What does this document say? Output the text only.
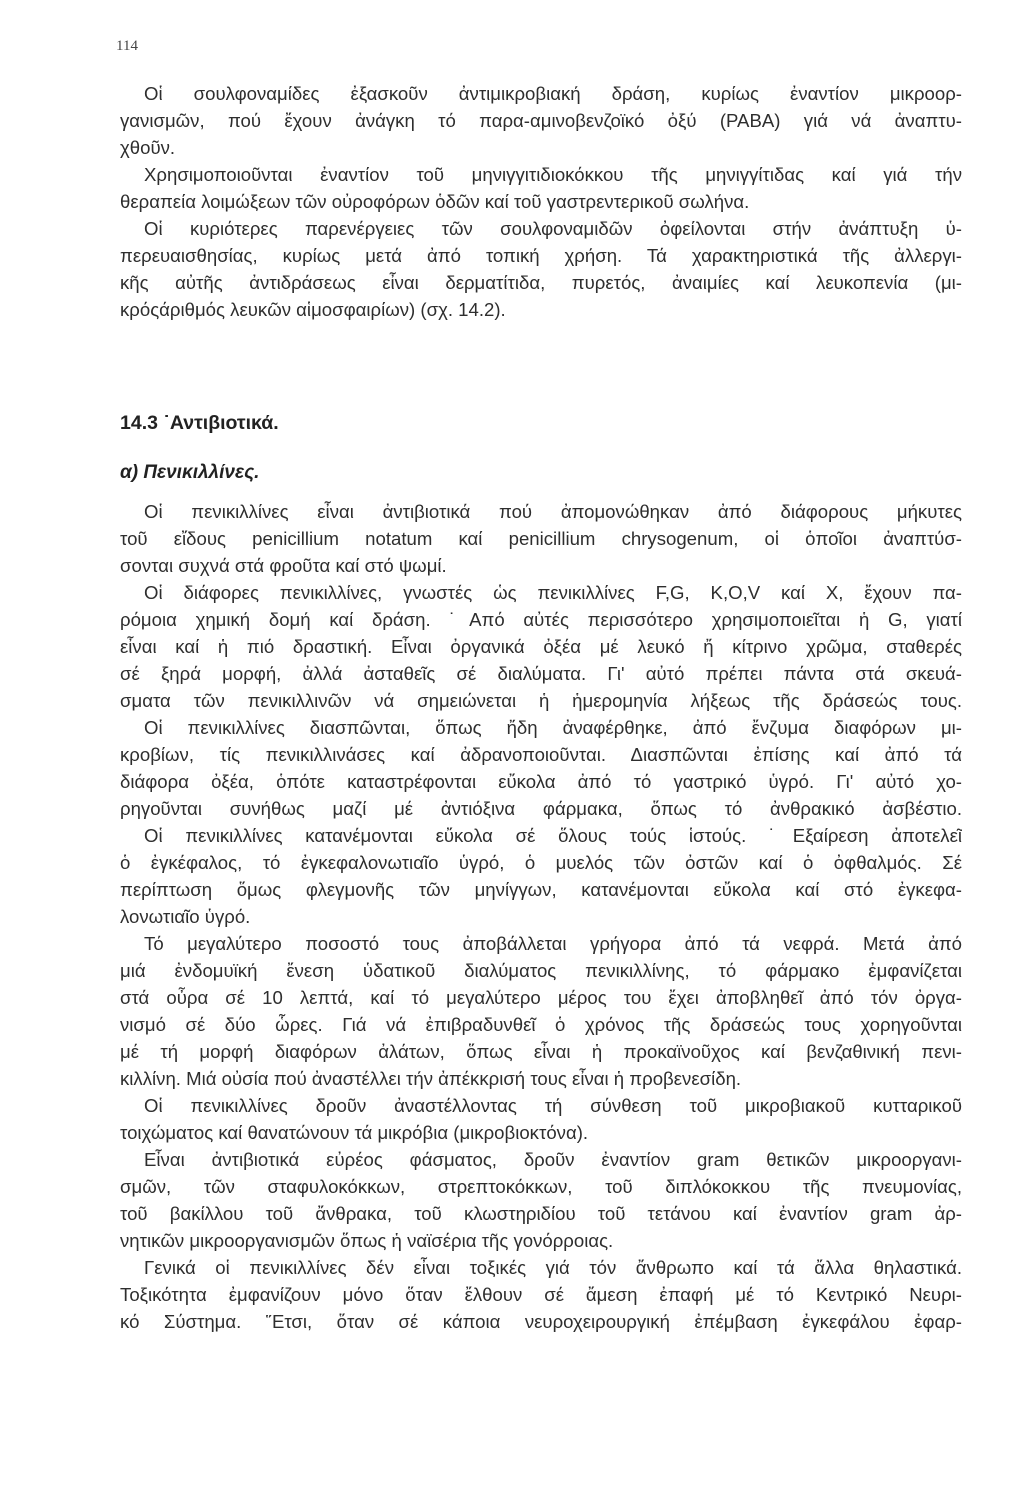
114
Οἱ σουλφοναμίδες ἐξασκοῦν ἀντιμικροβιακή δράση, κυρίως ἐναντίον μικροορ-
γανισμῶν, πού ἔχουν ἀνάγκη τό παρα-αμινοβενζοϊκό ὀξύ (PABA) γιά νά ἀναπτυ-
χθοῦν.
Χρησιμοποιοῦνται ἐναντίον τοῦ μηνιγγιτιδιοκόκκου τῆς μηνιγγίτιδας καί γιά τήν
θεραπεία λοιμώξεων τῶν οὐροφόρων ὁδῶν καί τοῦ γαστρεντερικοῦ σωλήνα.
Οἱ κυριότερες παρενέργειες τῶν σουλφοναμιδῶν ὀφείλονται στήν ἀνάπτυξη ὑ-
περευαισθησίας, κυρίως μετά ἀπό τοπική χρήση. Τά χαρακτηριστικά τῆς ἀλλεργι-
κῆς αὐτῆς ἀντιδράσεως εἶναι δερματίτιδα, πυρετός, ἀναιμίες καί λευκοπενία (μι-
κρόςάριθμός λευκῶν αἱμοσφαιρίων) (σχ. 14.2).
14.3 ˙Αντιβιοτικά.
α) Πενικιλλίνες.
Οἱ πενικιλλίνες εἶναι ἀντιβιοτικά πού ἀπομονώθηκαν ἀπό διάφορους μήκυτες
τοῦ εἴδους penicillium notatum καί penicillium chrysogenum, οἱ ὁποῖοι ἀναπτύσ-
σονται συχνά στά φροῦτα καί στό ψωμί.
Οἱ διάφορες πενικιλλίνες, γνωστές ὡς πενικιλλίνες F,G, K,O,V καί X, ἔχουν πα-
ρόμοια χημική δομή καί δράση. ˙Από αὐτές περισσότερο χρησιμοποιεῖται ἡ G, γιατί
εἶναι καί ἡ πιό δραστική. Εἶναι ὀργανικά ὀξέα μέ λευκό ἤ κίτρινο χρῶμα, σταθερές
σέ ξηρά μορφή, ἀλλά ἀσταθεῖς σέ διαλύματα. Γι' αὐτό πρέπει πάντα στά σκευά-
σματα τῶν πενικιλλινῶν νά σημειώνεται ἡ ἡμερομηνία λήξεως τῆς δράσεώς τους.
Οἱ πενικιλλίνες διασπῶνται, ὅπως ἤδη ἀναφέρθηκε, ἀπό ἔνζυμα διαφόρων μι-
κροβίων, τίς πενικιλλινάσες καί ἀδρανοποιοῦνται. Διασπῶνται ἐπίσης καί ἀπό τά
διάφορα ὀξέα, ὁπότε καταστρέφονται εὔκολα ἀπό τό γαστρικό ὑγρό. Γι' αὐτό χο-
ρηγοῦνται συνήθως μαζί μέ ἀντιόξινα φάρμακα, ὅπως τό ἀνθρακικό ἀσβέστιο.
Οἱ πενικιλλίνες κατανέμονται εὔκολα σέ ὅλους τούς ἱστούς. ˙Εξαίρεση ἀποτελεῖ
ὁ ἐγκέφαλος, τό ἐγκεφαλονωτιαῖο ὑγρό, ὁ μυελός τῶν ὀστῶν καί ὁ ὀφθαλμός. Σέ
περίπτωση ὅμως φλεγμονῆς τῶν μηνίγγων, κατανέμονται εὔκολα καί στό ἐγκεφα-
λονωτιαῖο ὑγρό.
Τό μεγαλύτερο ποσοστό τους ἀποβάλλεται γρήγορα ἀπό τά νεφρά. Μετά ἀπό
μιά ἐνδομυϊκή ἔνεση ὑδατικοῦ διαλύματος πενικιλλίνης, τό φάρμακο ἐμφανίζεται
στά οὖρα σέ 10 λεπτά, καί τό μεγαλύτερο μέρος του ἔχει ἀποβληθεῖ ἀπό τόν ὀργα-
νισμό σέ δύο ὧρες. Γιά νά ἐπιβραδυνθεῖ ὁ χρόνος τῆς δράσεώς τους χορηγοῦνται
μέ τή μορφή διαφόρων ἀλάτων, ὅπως εἶναι ἡ προκαϊνοῦχος καί βενζαθινική πενι-
κιλλίνη. Μιά οὐσία πού ἀναστέλλει τήν ἀπέκκρισή τους εἶναι ἡ προβενεσίδη.
Οἱ πενικιλλίνες δροῦν ἀναστέλλοντας τή σύνθεση τοῦ μικροβιακοῦ κυτταρικοῦ
τοιχώματος καί θανατώνουν τά μικρόβια (μικροβιοκτόνα).
Εἶναι ἀντιβιοτικά εὐρέος φάσματος, δροῦν ἐναντίον gram θετικῶν μικροοργανι-
σμῶν, τῶν σταφυλοκόκκων, στρεπτοκόκκων, τοῦ διπλόκοκκου τῆς πνευμονίας,
τοῦ βακίλλου τοῦ ἄνθρακα, τοῦ κλωστηριδίου τοῦ τετάνου καί ἐναντίον gram ἀρ-
νητικῶν μικροοργανισμῶν ὅπως ἡ ναϊσέρια τῆς γονόρροιας.
Γενικά οἱ πενικιλλίνες δέν εἶναι τοξικές γιά τόν ἄνθρωπο καί τά ἄλλα θηλαστικά.
Τοξικότητα ἐμφανίζουν μόνο ὅταν ἔλθουν σέ ἄμεση ἐπαφή μέ τό Κεντρικό Νευρι-
κό Σύστημα. ῞Ετσι, ὅταν σέ κάποια νευροχειρουργική ἐπέμβαση ἐγκεφάλου ἐφαρ-
